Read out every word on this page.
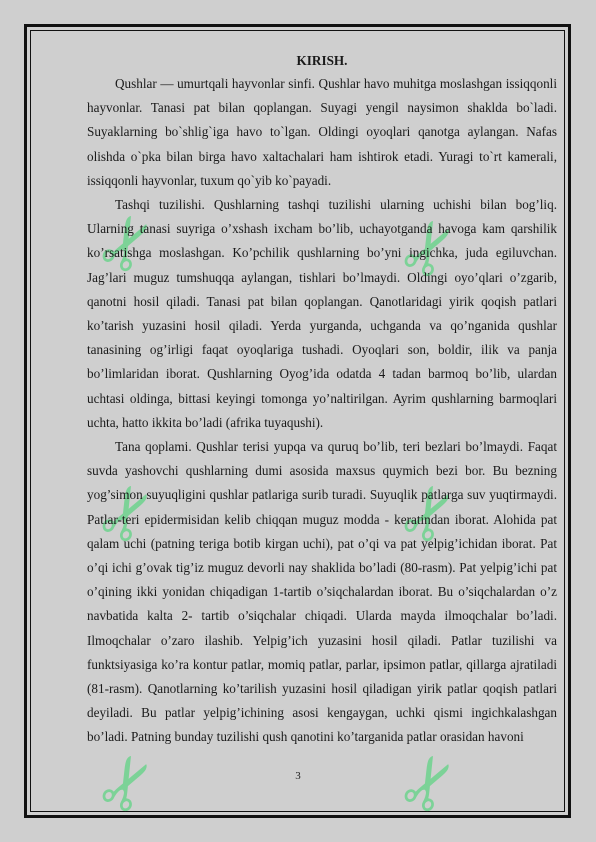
✂	✂
✂	✂
✂	✂

KIRISH.

Qushlar — umurtqali hayvonlar sinfi. Qushlar havo muhitga moslashgan issiqqonli hayvonlar. Tanasi pat bilan qoplangan. Suyagi yengil naysimon shaklda bo`ladi. Suyaklarning bo`shlig`iga havo to`lgan. Oldingi oyoqlari qanotga aylangan. Nafas olishda o`pka bilan birga havo xaltachalari ham ishtirok etadi. Yuragi to`rt kamerali, issiqqonli hayvonlar, tuxum qo`yib ko`payadi.

Tashqi tuzilishi. Qushlarning tashqi tuzilishi ularning uchishi bilan bog’liq. Ularning tanasi suyriga o’xshash ixcham bo’lib, uchayotganda havoga kam qarshilik ko’rsatishga moslashgan. Ko’pchilik qushlarning bo’yni ingichka, juda egiluvchan. Jag’lari muguz tumshuqqa aylangan, tishlari bo’lmaydi. Oldingi oyo’qlari o’zgarib, qanotni hosil qiladi. Tanasi pat bilan qoplangan. Qanotlaridagi yirik qoqish patlari ko’tarish yuzasini hosil qiladi. Yerda yurganda, uchganda va qo’nganida qushlar tanasining og’irligi faqat oyoqlariga tushadi. Oyoqlari son, boldir, ilik va panja bo’limlaridan iborat. Qushlarning Oyog’ida odatda 4 tadan barmoq bo’lib, ulardan uchtasi oldinga, bittasi keyingi tomonga yo’naltirilgan. Ayrim qushlarning barmoqlari uchta, hatto ikkita bo’ladi (afrika tuyaqushi).

Tana qoplami. Qushlar terisi yupqa va quruq bo’lib, teri bezlari bo’lmaydi. Faqat suvda yashovchi qushlarning dumi asosida maxsus quymich bezi bor. Bu bezning yog’simon suyuqligini qushlar patlariga surib turadi. Suyuqlik patlarga suv yuqtirmaydi. Patlar-teri epidermisidan kelib chiqqan muguz modda - keratindan iborat. Alohida pat qalam uchi (patning teriga botib kirgan uchi), pat o’qi va pat yelpig’ichidan iborat. Pat o’qi ichi g’ovak tig’iz muguz devorli nay shaklida bo’ladi (80-rasm). Pat yelpig’ichi pat o’qining ikki yonidan chiqadigan 1-tartib o’siqchalardan iborat. Bu o’siqchalardan o’z navbatida kalta 2- tartib o’siqchalar chiqadi. Ularda mayda ilmoqchalar bo’ladi. Ilmoqchalar o’zaro ilashib. Yelpig’ich yuzasini hosil qiladi. Patlar tuzilishi va funktsiyasiga ko’ra kontur patlar, momiq patlar, parlar, ipsimon patlar, qillarga ajratiladi (81-rasm). Qanotlarning ko’tarilish yuzasini hosil qiladigan yirik patlar qoqish patlari deyiladi. Bu patlar yelpig’ichining asosi kengaygan, uchki qismi ingichkalashgan bo’ladi. Patning bunday tuzilishi qush qanotini ko’targanida patlar orasidan havoni

3
